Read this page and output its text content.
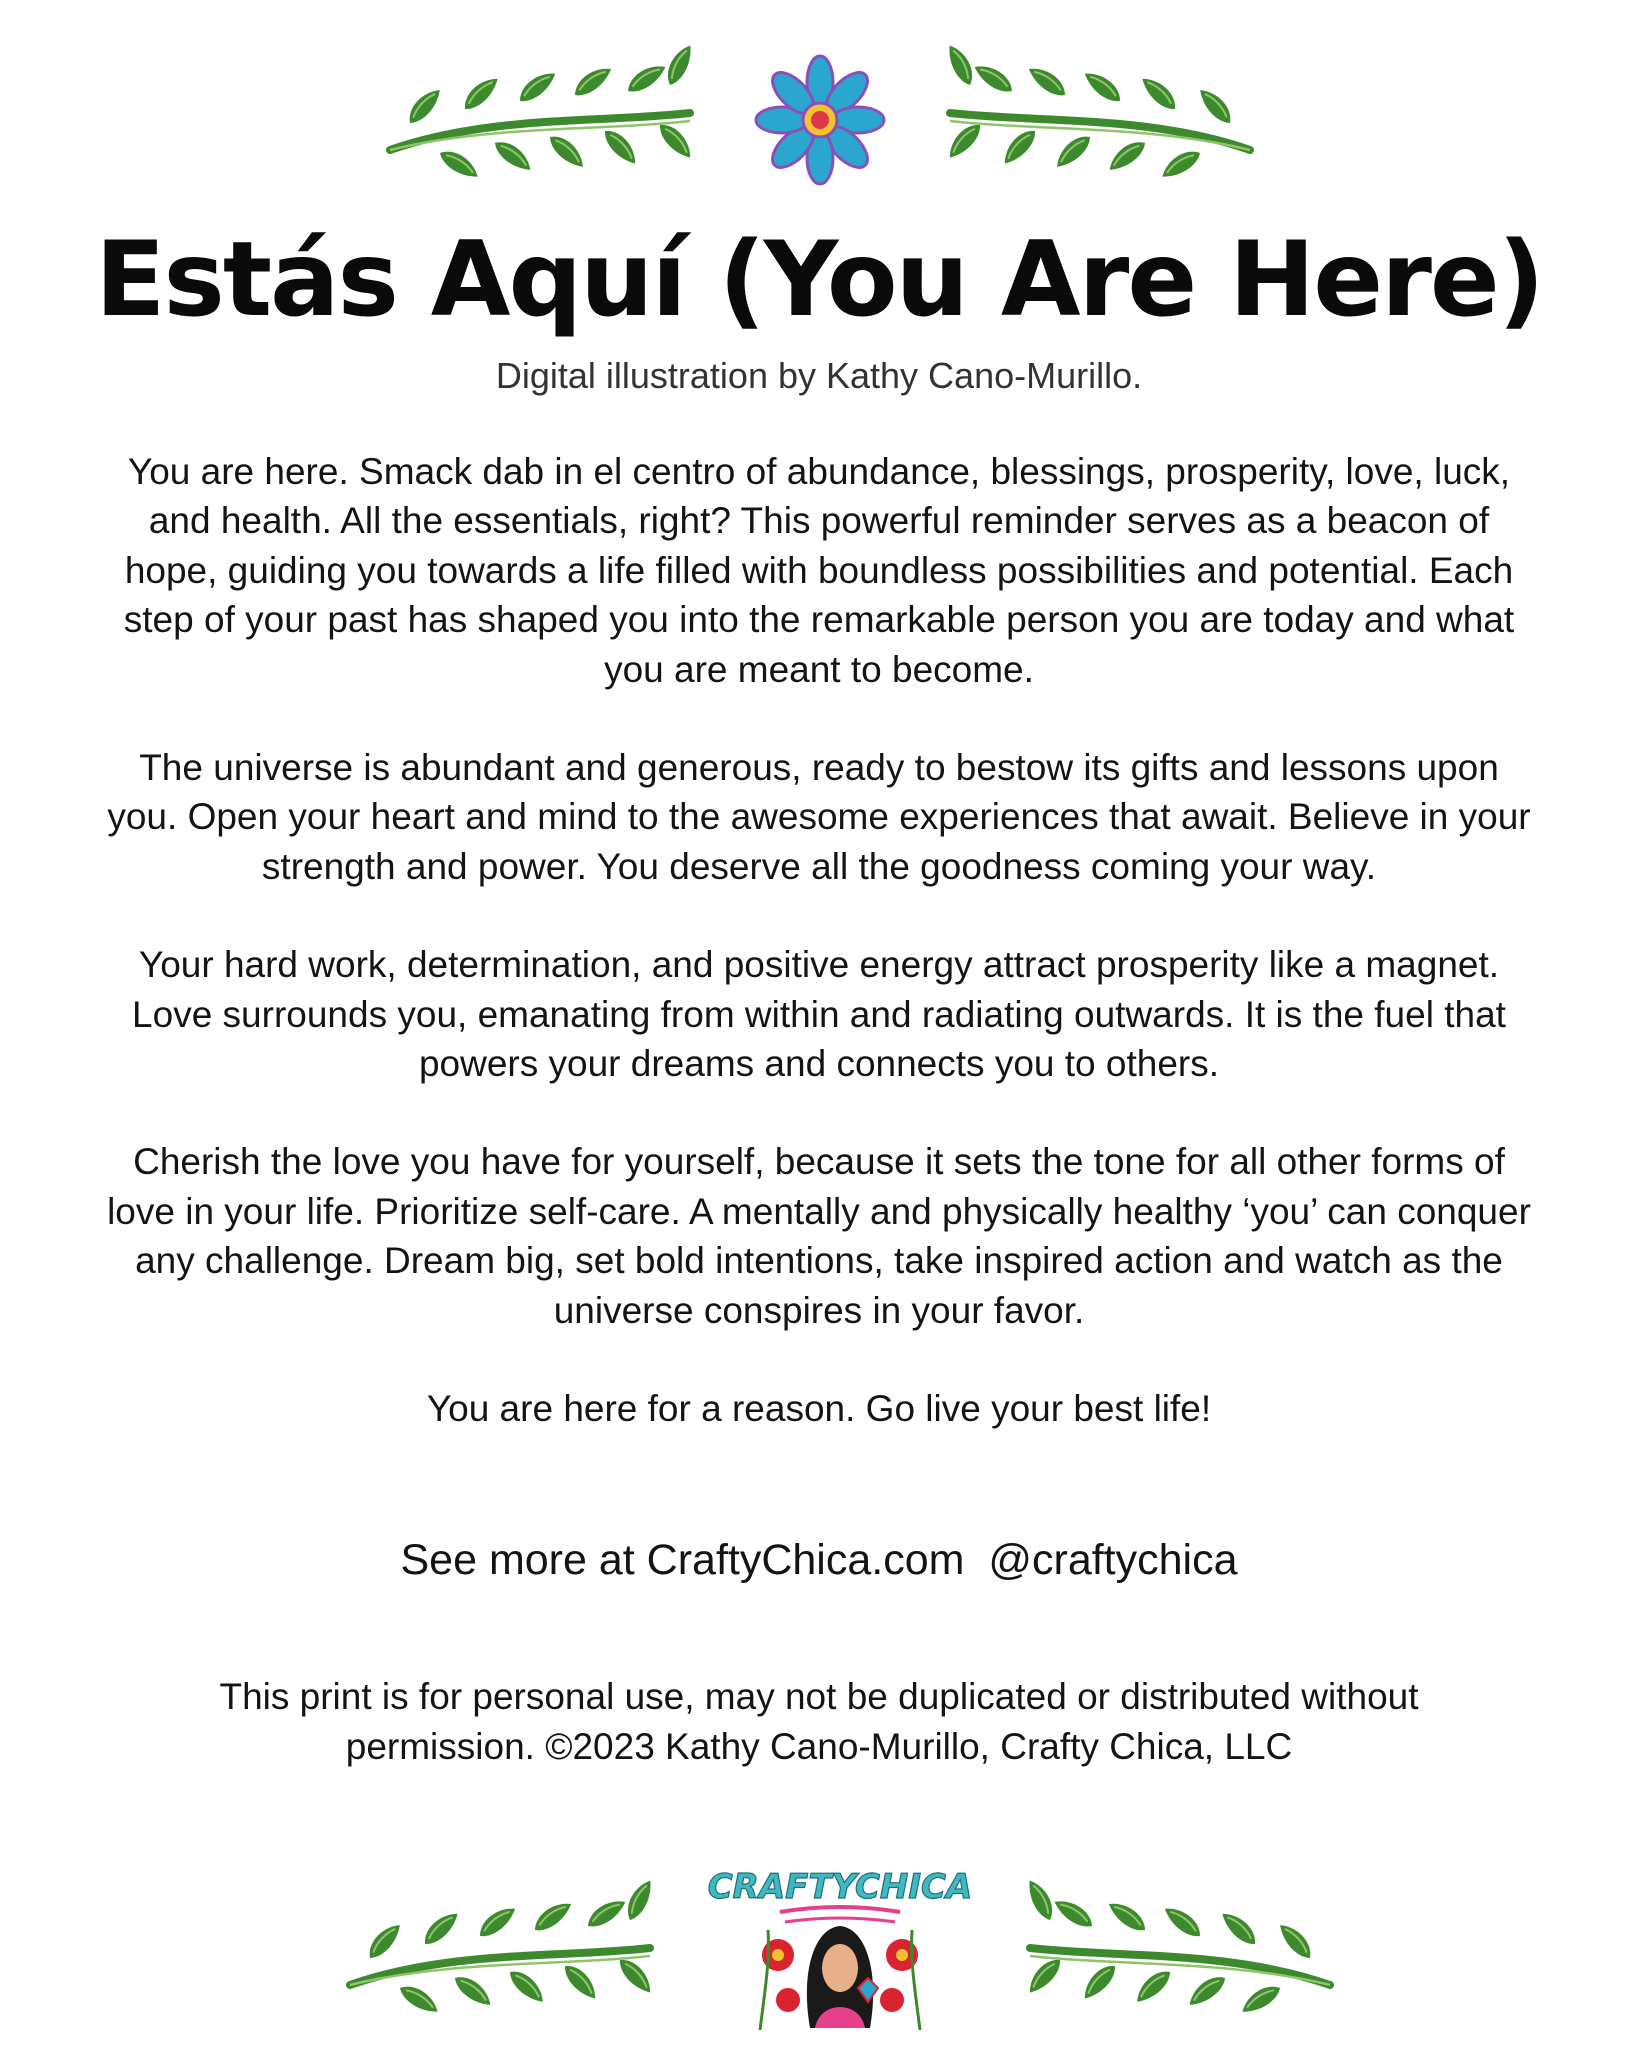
Estás Aquí (You Are Here)
Digital illustration by Kathy Cano-Murillo.

You are here. Smack dab in el centro of abundance, blessings, prosperity, love, luck, and health. All the essentials, right? This powerful reminder serves as a beacon of hope, guiding you towards a life filled with boundless possibilities and potential. Each step of your past has shaped you into the remarkable person you are today and what you are meant to become.

The universe is abundant and generous, ready to bestow its gifts and lessons upon you. Open your heart and mind to the awesome experiences that await. Believe in your strength and power. You deserve all the goodness coming your way.

Your hard work, determination, and positive energy attract prosperity like a magnet. Love surrounds you, emanating from within and radiating outwards. It is the fuel that powers your dreams and connects you to others.

Cherish the love you have for yourself, because it sets the tone for all other forms of love in your life. Prioritize self-care. A mentally and physically healthy ‘you’ can conquer any challenge. Dream big, set bold intentions, take inspired action and watch as the universe conspires in your favor.

You are here for a reason. Go live your best life!

See more at CraftyChica.com  @craftychica
This print is for personal use, may not be duplicated or distributed without permission. ©2023 Kathy Cano-Murillo, Crafty Chica, LLC
CRAFTYCHICA
